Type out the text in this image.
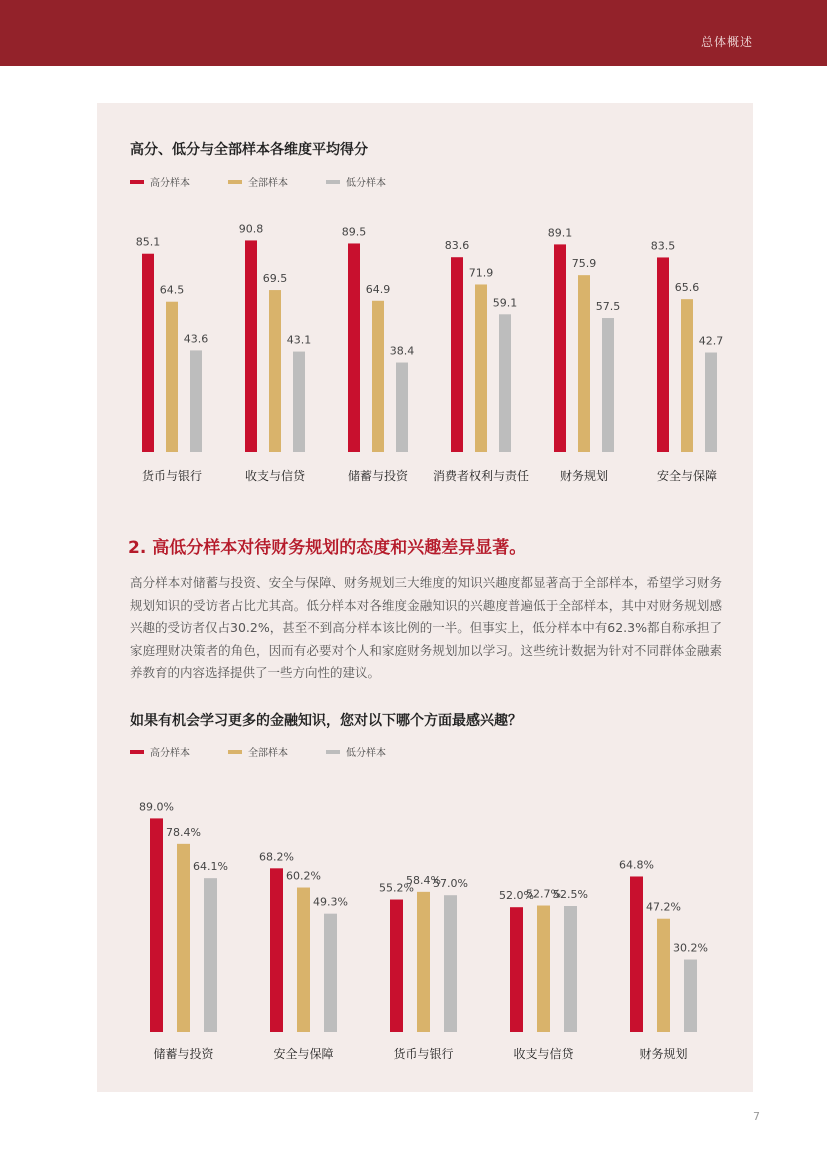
总体概述
高分、低分与全部样本各维度平均得分
高分样本	全部样本	低分样本
85.1
64.5
43.6
货币与银行
90.8
69.5
43.1
收支与信贷
89.5
64.9
38.4
储蓄与投资
83.6
71.9
59.1
消费者权利与责任
89.1
75.9
57.5
财务规划
83.5
65.6
42.7
安全与保障
2. 高低分样本对待财务规划的态度和兴趣差异显著。

高分样本对储蓄与投资、安全与保障、财务规划三大维度的知识兴趣度都显著高于全部样本，希望学习财务规划知识的受访者占比尤其高。低分样本对各维度金融知识的兴趣度普遍低于全部样本，其中对财务规划感兴趣的受访者仅占30.2%，甚至不到高分样本该比例的一半。但事实上，低分样本中有62.3%都自称承担了家庭理财决策者的角色，因而有必要对个人和家庭财务规划加以学习。这些统计数据为针对不同群体金融素养教育的内容选择提供了一些方向性的建议。

如果有机会学习更多的金融知识，您对以下哪个方面最感兴趣？
高分样本	全部样本	低分样本
89.0%
78.4%
64.1%
储蓄与投资
68.2%
60.2%
49.3%
安全与保障
55.2%
58.4%
57.0%
货币与银行
52.0%
52.7%
52.5%
收支与信贷
64.8%
47.2%
30.2%
财务规划
7
